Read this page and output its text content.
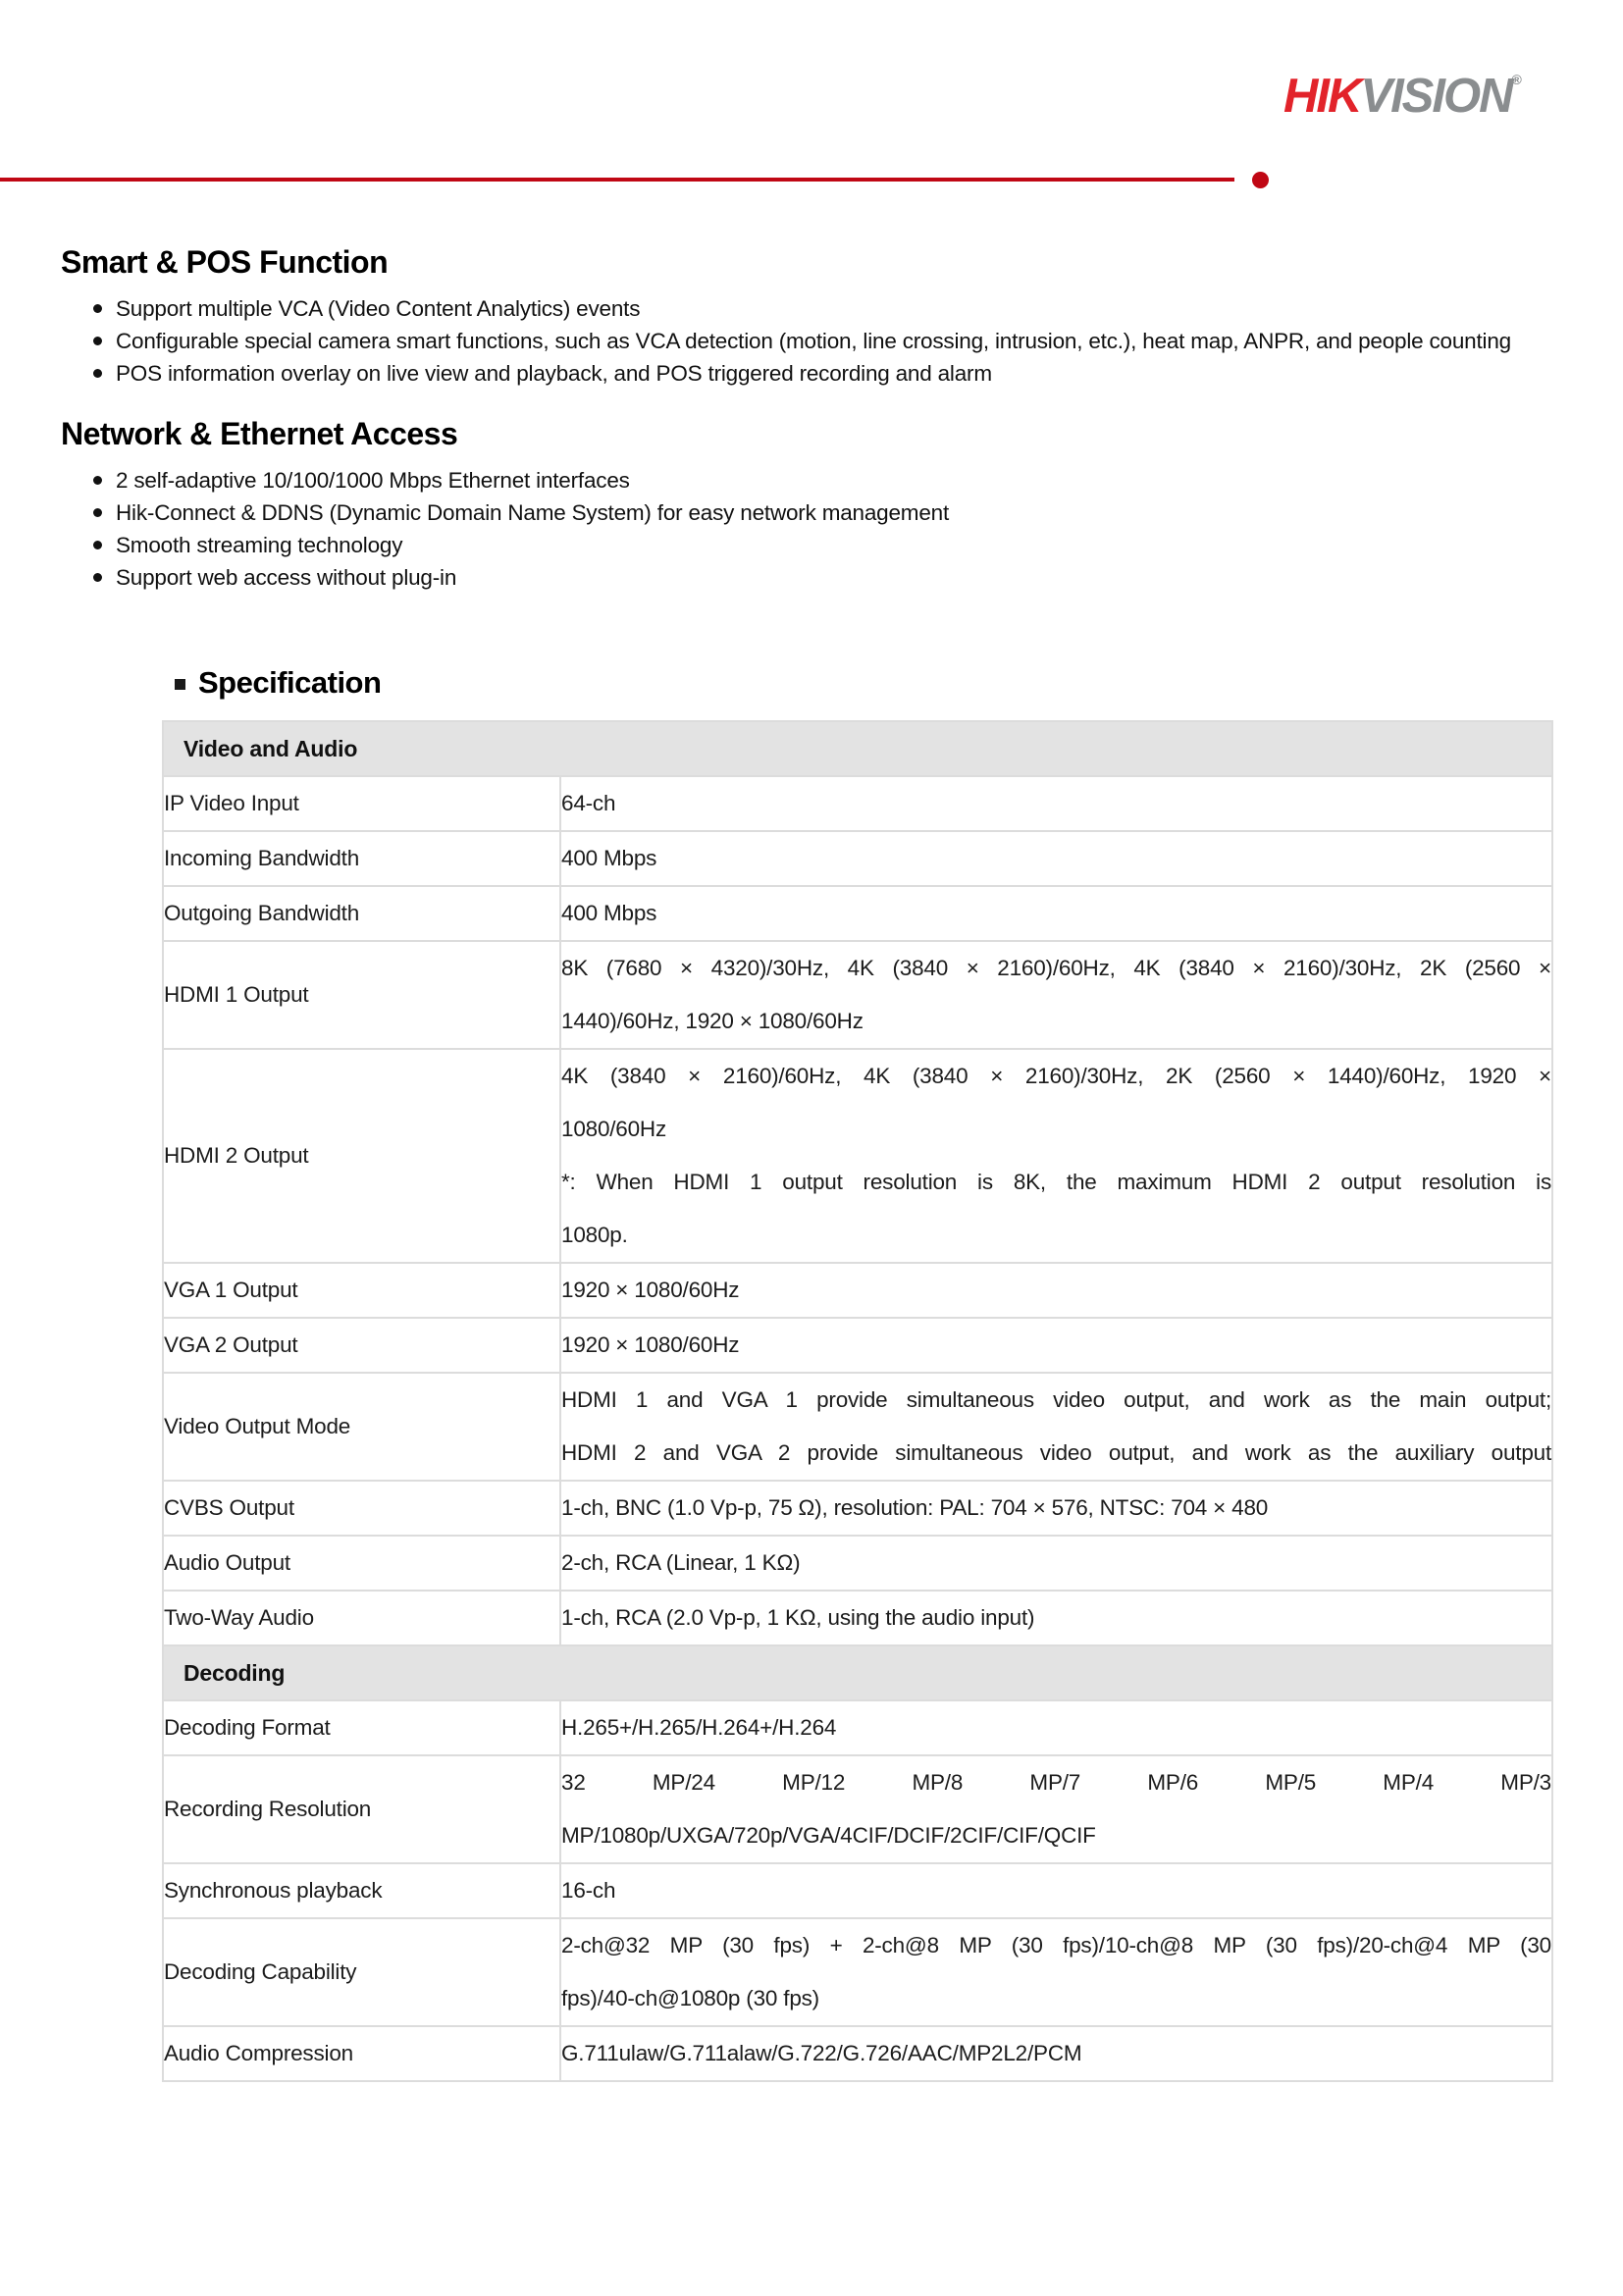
HIKVISION®
Smart & POS Function
Support multiple VCA (Video Content Analytics) events
Configurable special camera smart functions, such as VCA detection (motion, line crossing, intrusion, etc.), heat map, ANPR, and people counting
POS information overlay on live view and playback, and POS triggered recording and alarm
Network & Ethernet Access
2 self-adaptive 10/100/1000 Mbps Ethernet interfaces
Hik-Connect & DDNS (Dynamic Domain Name System) for easy network management
Smooth streaming technology
Support web access without plug-in
Specification
Video and Audio	
IP Video Input	64-ch

Incoming Bandwidth	400 Mbps

Outgoing Bandwidth	400 Mbps

HDMI 1 Output	8K (7680 × 4320)/30Hz, 4K (3840 × 2160)/60Hz, 4K (3840 × 2160)/30Hz, 2K (2560 ×
1440)/60Hz, 1920 × 1080/60Hz

HDMI 2 Output	4K (3840 × 2160)/60Hz, 4K (3840 × 2160)/30Hz, 2K (2560 × 1440)/60Hz, 1920 ×
1080/60Hz
*: When HDMI 1 output resolution is 8K, the maximum HDMI 2 output resolution is
1080p.

VGA 1 Output	1920 × 1080/60Hz

VGA 2 Output	1920 × 1080/60Hz

Video Output Mode	HDMI 1 and VGA 1 provide simultaneous video output, and work as the main output;
HDMI 2 and VGA 2 provide simultaneous video output, and work as the auxiliary output

CVBS Output	1-ch, BNC (1.0 Vp-p, 75 Ω), resolution: PAL: 704 × 576, NTSC: 704 × 480

Audio Output	2-ch, RCA (Linear, 1 KΩ)

Two-Way Audio	1-ch, RCA (2.0 Vp-p, 1 KΩ, using the audio input)

Decoding	
Decoding Format	H.265+/H.265/H.264+/H.264

Recording Resolution	32 MP/24 MP/12 MP/8 MP/7 MP/6 MP/5 MP/4 MP/3
MP/1080p/UXGA/720p/VGA/4CIF/DCIF/2CIF/CIF/QCIF

Synchronous playback	16-ch

Decoding Capability	2-ch@32 MP (30 fps) + 2-ch@8 MP (30 fps)/10-ch@8 MP (30 fps)/20-ch@4 MP (30
fps)/40-ch@1080p (30 fps)

Audio Compression	G.711ulaw/G.711alaw/G.722/G.726/AAC/MP2L2/PCM
